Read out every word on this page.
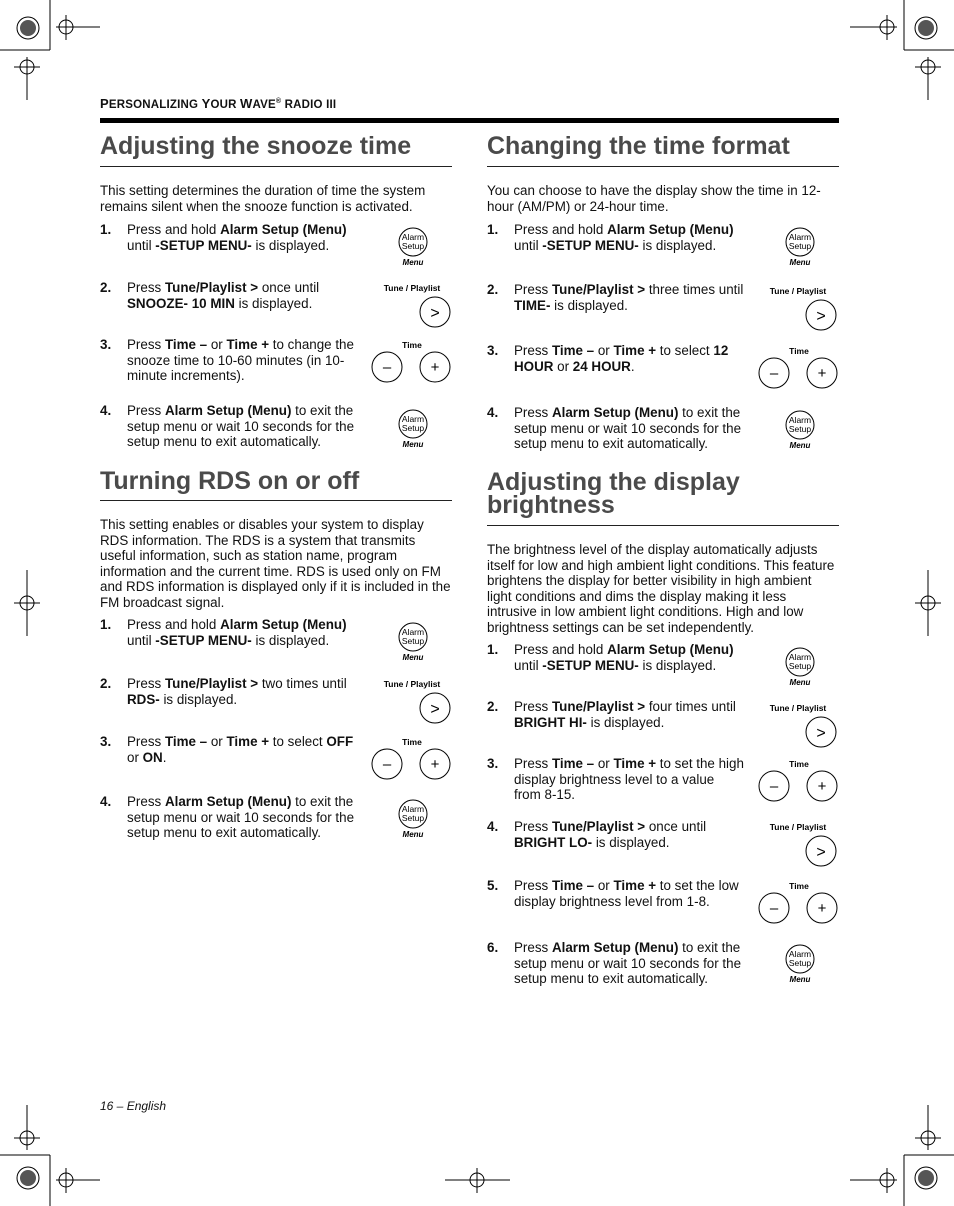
PERSONALIZING YOUR WAVE® RADIO III
Adjusting the snooze time

This setting determines the duration of time the system remains silent when the snooze function is activated.

1. Press and hold Alarm Setup (Menu) until -SETUP MENU- is displayed.
2. Press Tune/Playlist > once until SNOOZE- 10 MIN is displayed.
3. Press Time – or Time + to change the snooze time to 10-60 minutes (in 10-minute increments).
4. Press Alarm Setup (Menu) to exit the setup menu or wait 10 seconds for the setup menu to exit automatically.
Turning RDS on or off

This setting enables or disables your system to display RDS information. The RDS is a system that transmits useful information, such as station name, program information and the current time. RDS is used only on FM and RDS information is displayed only if it is included in the FM broadcast signal.

1. Press and hold Alarm Setup (Menu) until -SETUP MENU- is displayed.
2. Press Tune/Playlist > two times until RDS- is displayed.
3. Press Time – or Time + to select OFF or ON.
4. Press Alarm Setup (Menu) to exit the setup menu or wait 10 seconds for the setup menu to exit automatically.
Changing the time format

You can choose to have the display show the time in 12-hour (AM/PM) or 24-hour time.

1. Press and hold Alarm Setup (Menu) until -SETUP MENU- is displayed.
2. Press Tune/Playlist > three times until TIME- is displayed.
3. Press Time – or Time + to select 12 HOUR or 24 HOUR.
4. Press Alarm Setup (Menu) to exit the setup menu or wait 10 seconds for the setup menu to exit automatically.
Adjusting the display
brightness

The brightness level of the display automatically adjusts itself for low and high ambient light conditions. This feature brightens the display for better visibility in high ambient light conditions and dims the display making it less intrusive in low ambient light conditions. High and low brightness settings can be set independently.

1. Press and hold Alarm Setup (Menu) until -SETUP MENU- is displayed.
2. Press Tune/Playlist > four times until BRIGHT HI- is displayed.
3. Press Time – or Time + to set the high display brightness level to a value from 8-15.
4. Press Tune/Playlist > once until BRIGHT LO- is displayed.
5. Press Time – or Time + to set the low display brightness level from 1-8.
6. Press Alarm Setup (Menu) to exit the setup menu or wait 10 seconds for the setup menu to exit automatically.
Alarm
Setup
Menu
Tune / Playlist
>
Time
–	+
Alarm
Setup
Menu
Alarm
Setup
Menu
Tune / Playlist
>
Time
–	+
Alarm
Setup
Menu
Alarm
Setup
Menu
Tune / Playlist
>
Time
–	+
Alarm
Setup
Menu
Alarm
Setup
Menu
Tune / Playlist
>
Time
–	+
Tune / Playlist
>
Time
–	+
Alarm
Setup
Menu
16 – English
